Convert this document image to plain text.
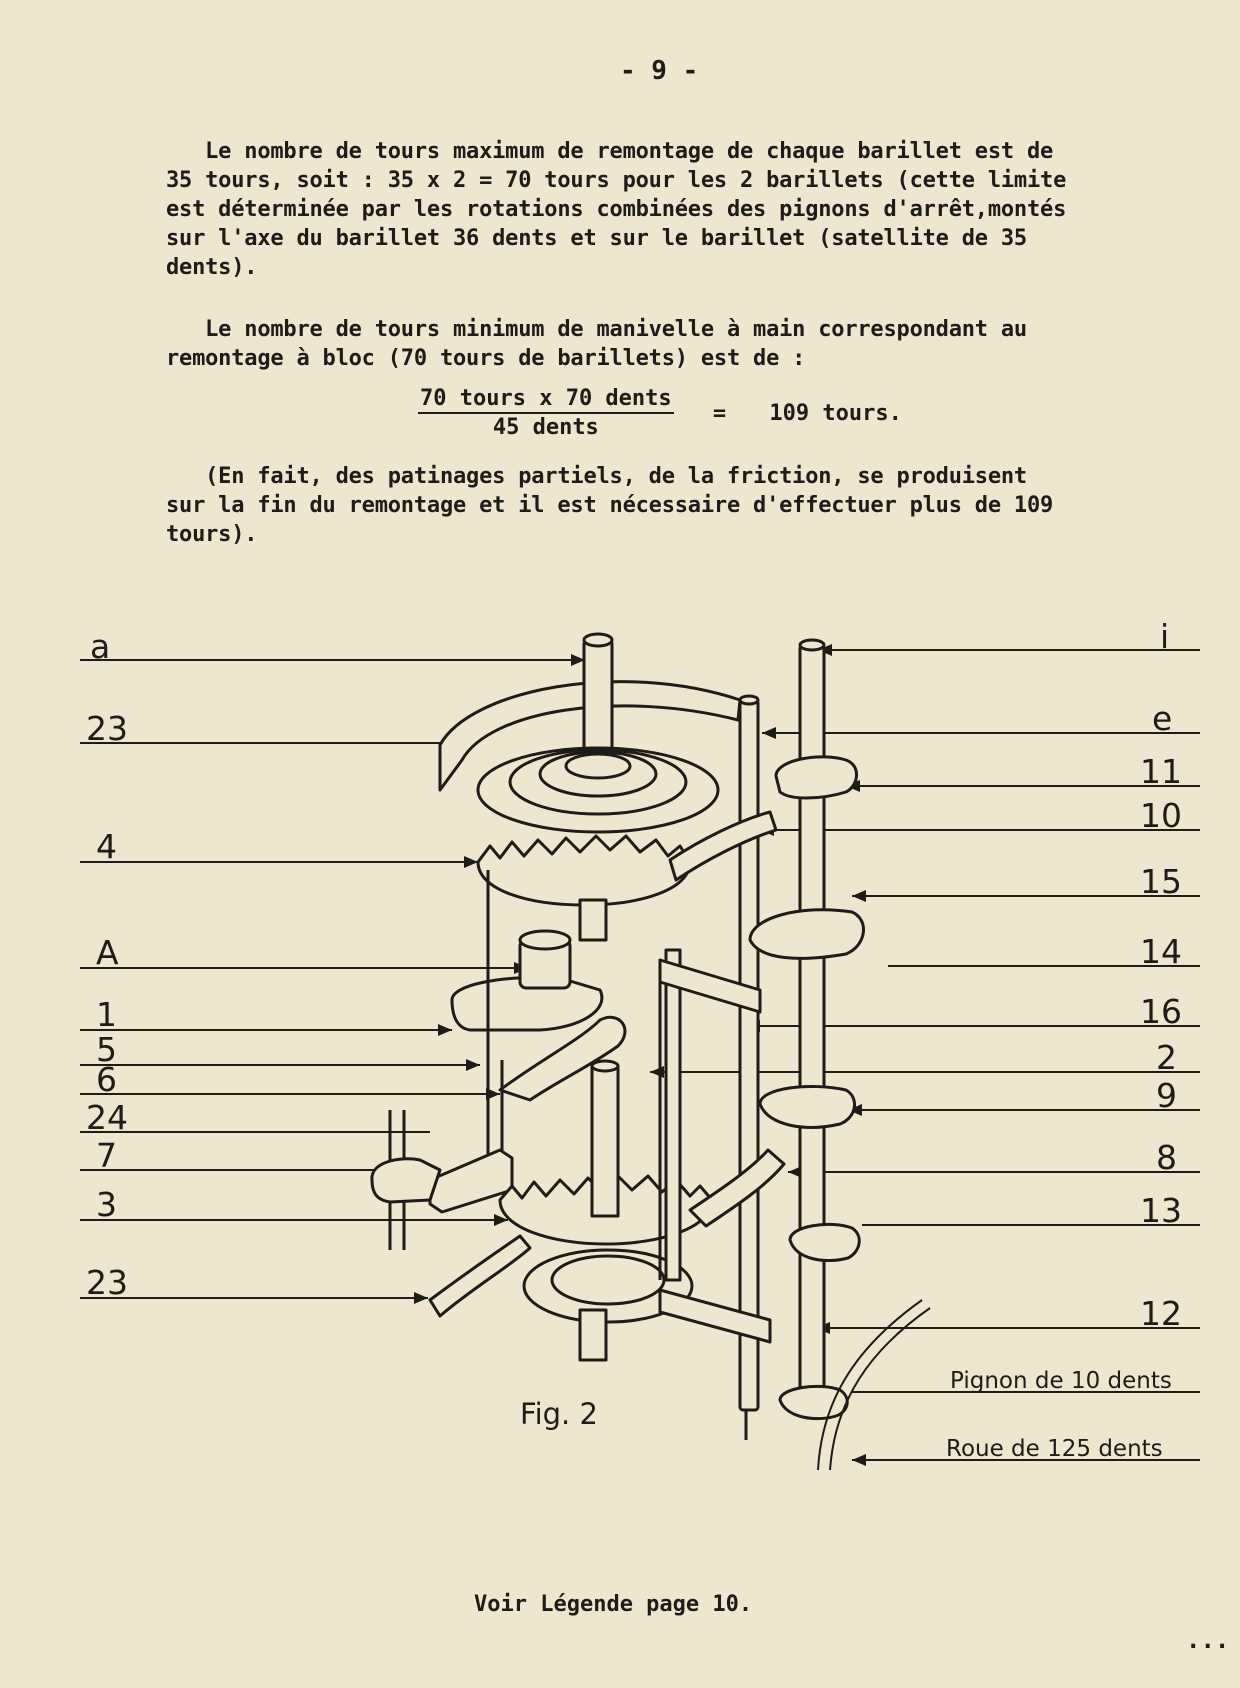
- 9 -
Le nombre de tours maximum de remontage de chaque barillet est de
35 tours, soit : 35 x 2 = 70 tours pour les 2 barillets (cette limite
est déterminée par les rotations combinées des pignons d'arrêt,montés
sur l'axe du barillet 36 dents et sur le barillet (satellite de 35
dents).
Le nombre de tours minimum de manivelle à main correspondant au
remontage à bloc (70 tours de barillets) est de :
$\frac{\text{70 tours x 70 dents}}{\text{45 dents}} = 109$ tours.
(En fait, des patinages partiels, de la friction, se produisent
sur la fin du remontage et il est nécessaire d'effectuer plus de 109
tours).
a
23
4
A
1
5
6
24
7
3
23
i
e
11
10
15
14
16
2
9
8
13
12
Pignon de 10 dents
Roue de 125 dents
Fig. 2
Voir Légende page 10.
...
